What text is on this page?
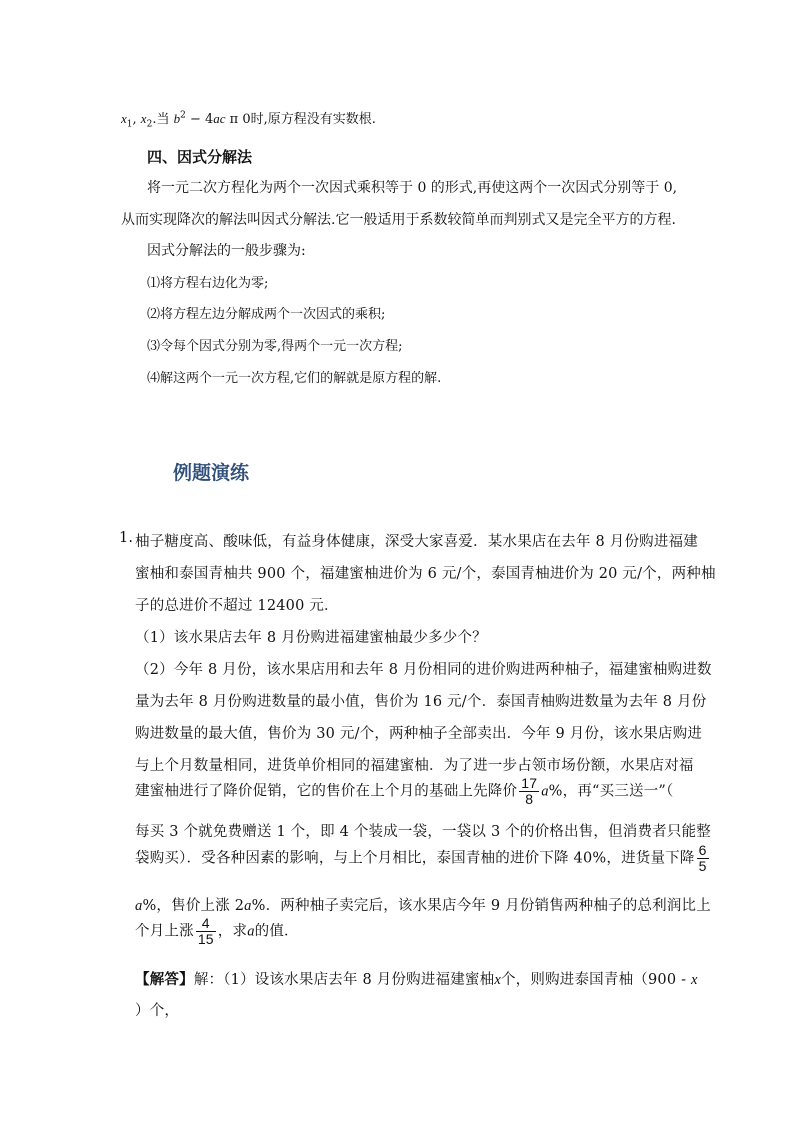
$x_1$, $x_2$.当 $b^2 - 4ac$ π 0时,原方程没有实数根.
四、因式分解法
将一元二次方程化为两个一次因式乘积等于 0 的形式,再使这两个一次因式分别等于 0,
从而实现降次的解法叫因式分解法.它一般适用于系数较简单而判别式又是完全平方的方程.
因式分解法的一般步骤为:
⑴将方程右边化为零;
⑵将方程左边分解成两个一次因式的乘积;
⑶令每个因式分别为零,得两个一元一次方程;
⑷解这两个一元一次方程,它们的解就是原方程的解.
例题演练
1. 柚子糖度高、酸味低，有益身体健康，深受大家喜爱．某水果店在去年 8 月份购进福建
蜜柚和泰国青柚共 900 个，福建蜜柚进价为 6 元/个，泰国青柚进价为 20 元/个，两种柚
子的总进价不超过 12400 元．
（1）该水果店去年 8 月份购进福建蜜柚最少多少个？
（2）今年 8 月份，该水果店用和去年 8 月份相同的进价购进两种柚子，福建蜜柚购进数
量为去年 8 月份购进数量的最小值，售价为 16 元/个．泰国青柚购进数量为去年 8 月份
购进数量的最大值，售价为 30 元/个，两种柚子全部卖出．今年 9 月份，该水果店购进
与上个月数量相同，进货单价相同的福建蜜柚．为了进一步占领市场份额，水果店对福
建蜜柚进行了降价促销，它的售价在上个月的基础上先降价 $\frac{17}{8} a\%$，再“买三送一”（
每买 3 个就免费赠送 1 个，即 4 个装成一袋，一袋以 3 个的价格出售，但消费者只能整
袋购买）．受各种因素的影响，与上个月相比，泰国青柚的进价下降 40%，进货量下降 $\frac{6}{5}$
a%，售价上涨 2a%．两种柚子卖完后，该水果店今年 9 月份销售两种柚子的总利润比上
个月上涨 $\frac{4}{15}$ ，求a的值．
【解答】解：（1）设该水果店去年 8 月份购进福建蜜柚x个，则购进泰国青柚（900 - x
）个，
